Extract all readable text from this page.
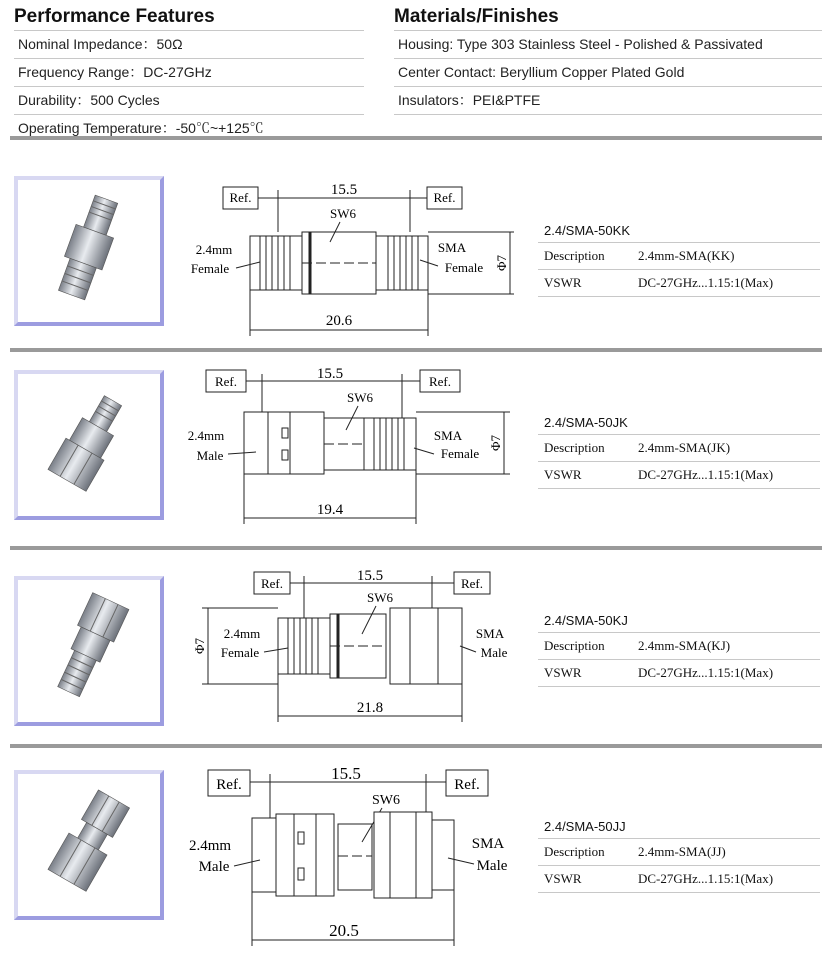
Performance Features
Nominal Impedance：50Ω
Frequency Range：DC-27GHz
Durability：500 Cycles
Operating Temperature：-50℃~+125℃
Materials/Finishes
Housing: Type 303 Stainless Steel - Polished & Passivated
Center Contact: Beryllium Copper Plated Gold
Insulators：PEI&PTFE
Ref.	Ref.
15.5
SW6
2.4mm
Female
SMA
Female Φ7
20.6
2.4/SMA-50KK
Description	2.4mm-SMA(KK)
VSWR	DC-27GHz...1.15:1(Max)
Ref.	Ref.
15.5
SW6
2.4mm
Male
SMA
Female
Φ7
19.4
2.4/SMA-50JK
Description	2.4mm-SMA(JK)
VSWR	DC-27GHz...1.15:1(Max)
Ref.	Ref.
15.5
SW6
2.4mm
Female
SMA
Male
Φ7
21.8
2.4/SMA-50KJ
Description	2.4mm-SMA(KJ)
VSWR	DC-27GHz...1.15:1(Max)
Ref.	Ref.
15.5
SW6
2.4mm
Male
SMA
Male
20.5
2.4/SMA-50JJ
Description	2.4mm-SMA(JJ)
VSWR	DC-27GHz...1.15:1(Max)
